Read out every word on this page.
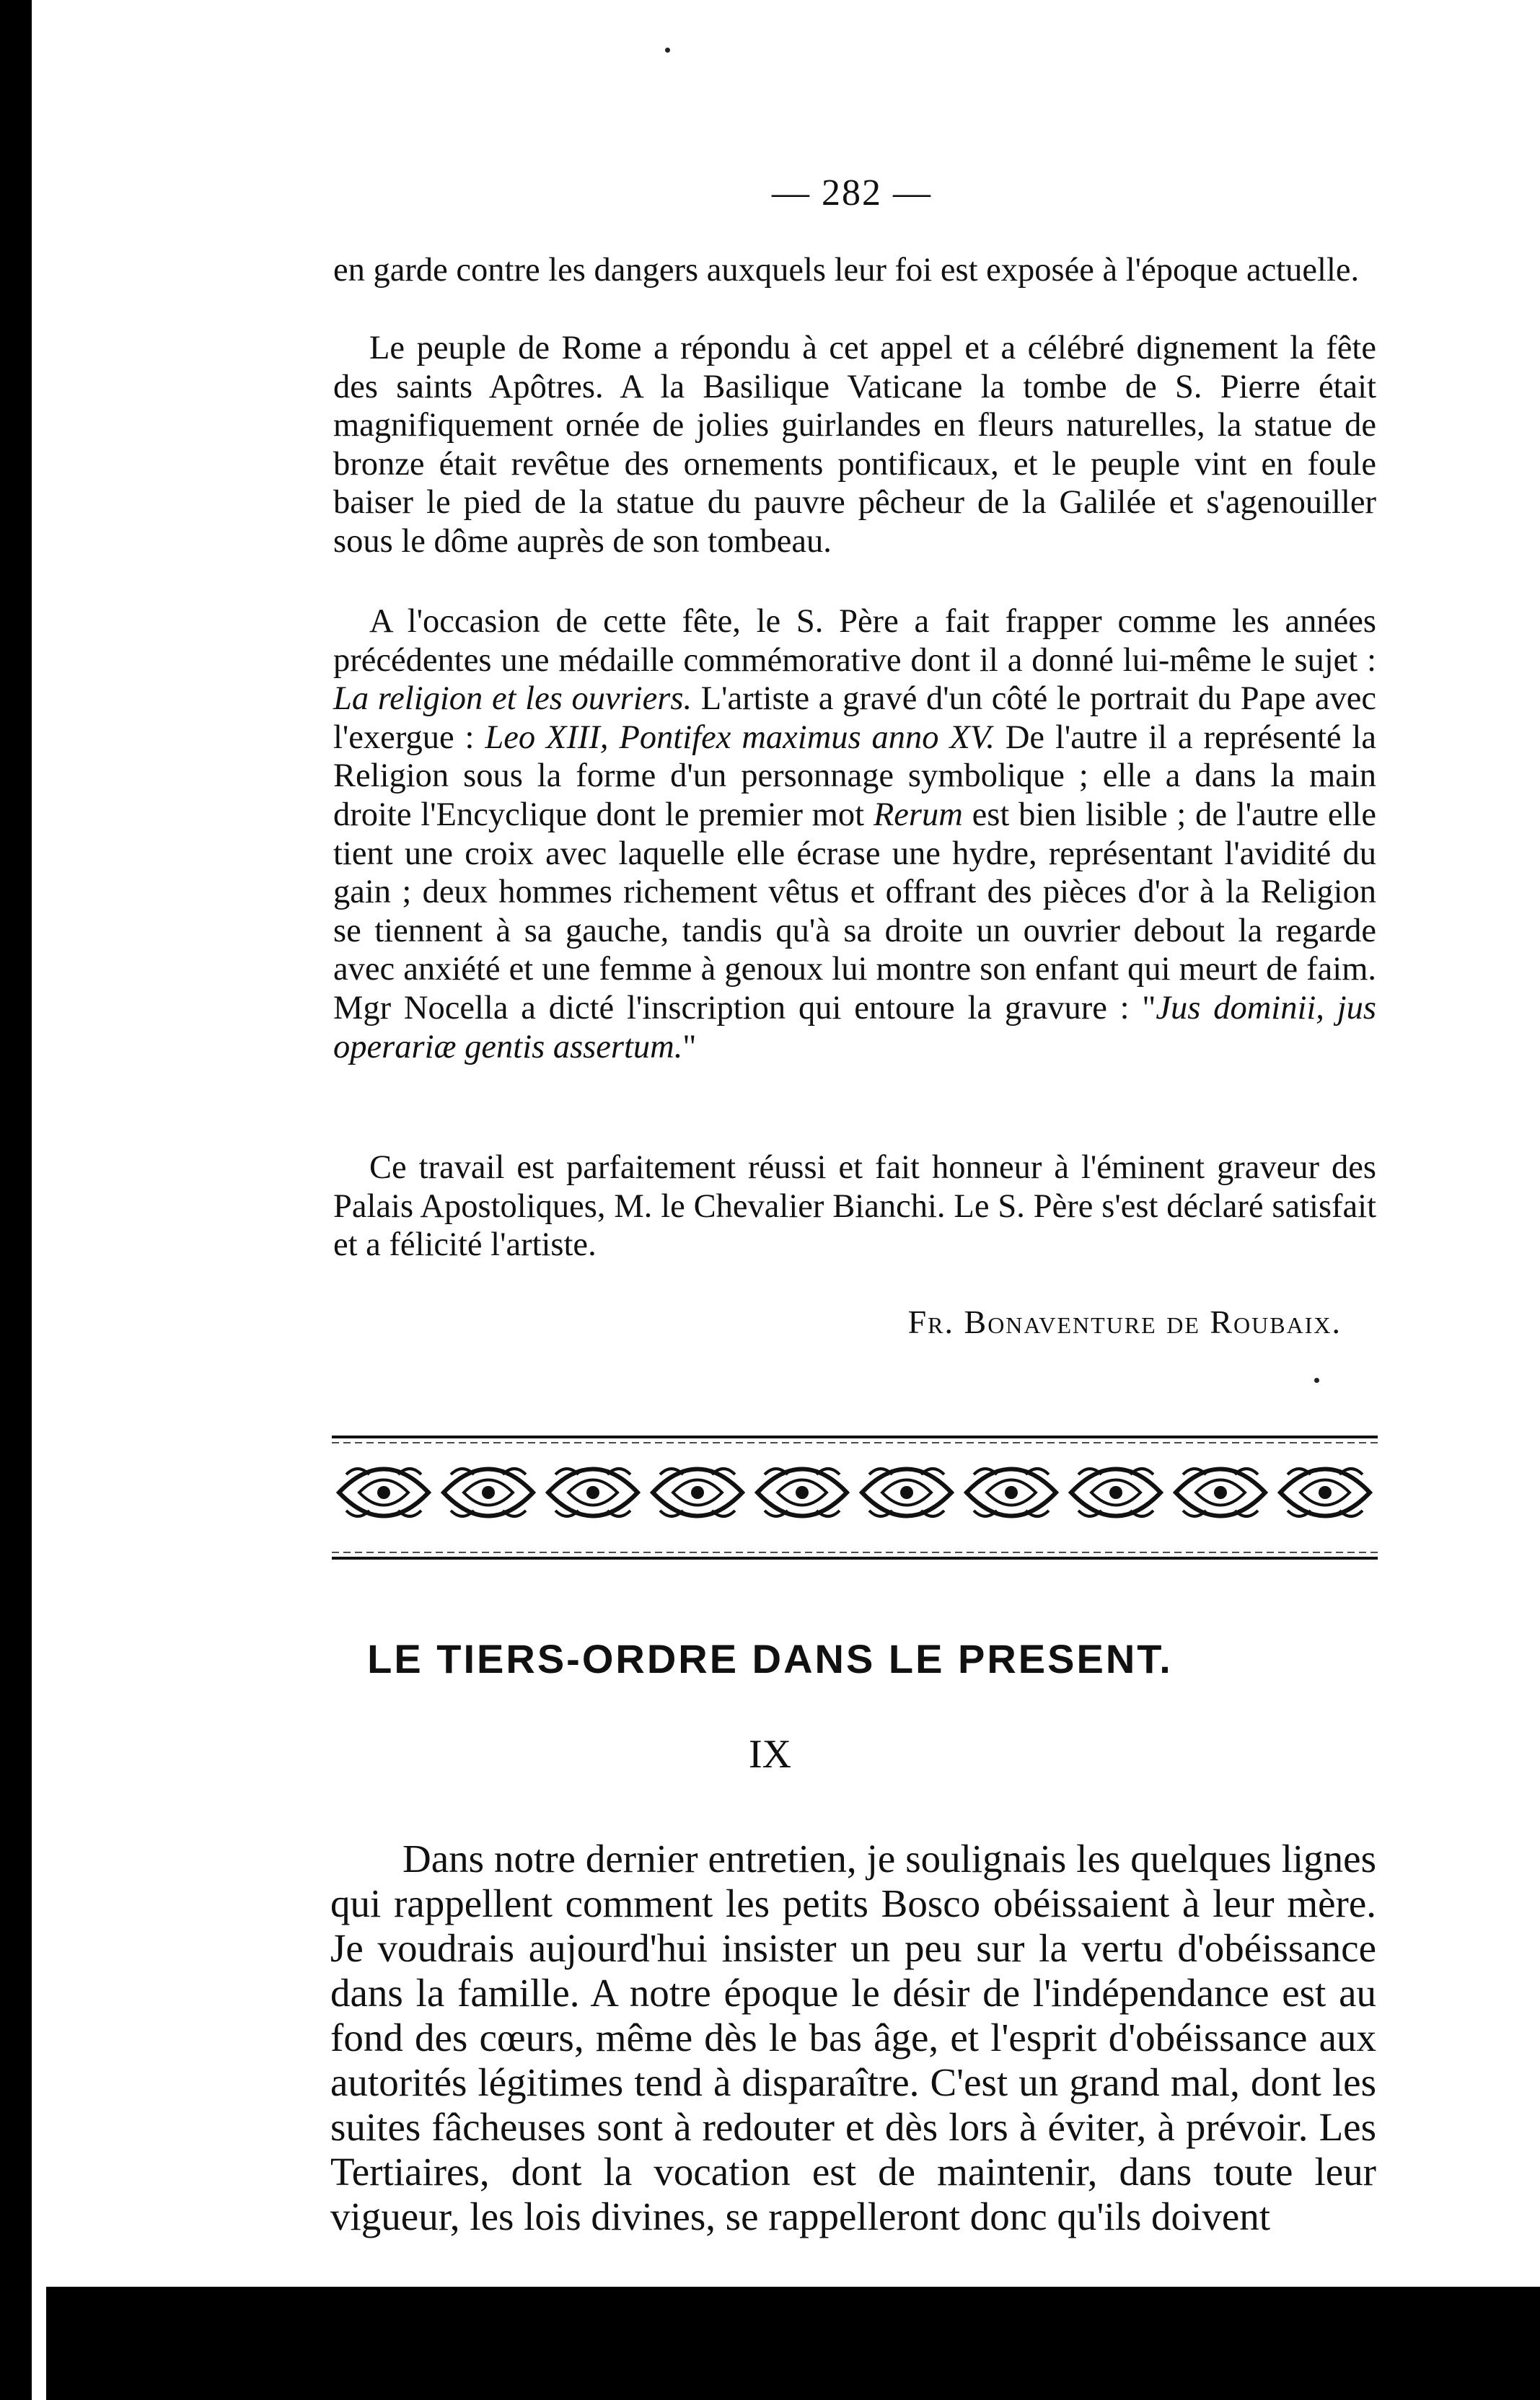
— 282 —

en garde contre les dangers auxquels leur foi est exposée à l'époque actuelle.

Le peuple de Rome a répondu à cet appel et a célébré dignement la fête des saints Apôtres. A la Basilique Vaticane la tombe de S. Pierre était magnifiquement ornée de jolies guirlandes en fleurs naturelles, la statue de bronze était revêtue des ornements pontificaux, et le peuple vint en foule baiser le pied de la statue du pauvre pêcheur de la Galilée et s'agenouiller sous le dôme auprès de son tombeau.

A l'occasion de cette fête, le S. Père a fait frapper comme les années précédentes une médaille commémorative dont il a donné lui-même le sujet : La religion et les ouvriers. L'artiste a gravé d'un côté le portrait du Pape avec l'exergue : Leo XIII, Pontifex maximus anno XV. De l'autre il a représenté la Religion sous la forme d'un personnage symbolique ; elle a dans la main droite l'Encyclique dont le premier mot Rerum est bien lisible ; de l'autre elle tient une croix avec laquelle elle écrase une hydre, représentant l'avidité du gain ; deux hommes richement vêtus et offrant des pièces d'or à la Religion se tiennent à sa gauche, tandis qu'à sa droite un ouvrier debout la regarde avec anxiété et une femme à genoux lui montre son enfant qui meurt de faim. Mgr Nocella a dicté l'inscription qui entoure la gravure : "Jus dominii, jus operariæ gentis assertum."

Ce travail est parfaitement réussi et fait honneur à l'éminent graveur des Palais Apostoliques, M. le Chevalier Bianchi. Le S. Père s'est déclaré satisfait et a félicité l'artiste.

Fr. Bonaventure de Roubaix.

LE TIERS-ORDRE DANS LE PRESENT.
IX

Dans notre dernier entretien, je soulignais les quelques lignes qui rappellent comment les petits Bosco obéissaient à leur mère. Je voudrais aujourd'hui insister un peu sur la vertu d'obéissance dans la famille. A notre époque le désir de l'indépendance est au fond des cœurs, même dès le bas âge, et l'esprit d'obéissance aux autorités légitimes tend à disparaître. C'est un grand mal, dont les suites fâcheuses sont à redouter et dès lors à éviter, à prévoir. Les Tertiaires, dont la vocation est de maintenir, dans toute leur vigueur, les lois divines, se rappelleront donc qu'ils doivent
